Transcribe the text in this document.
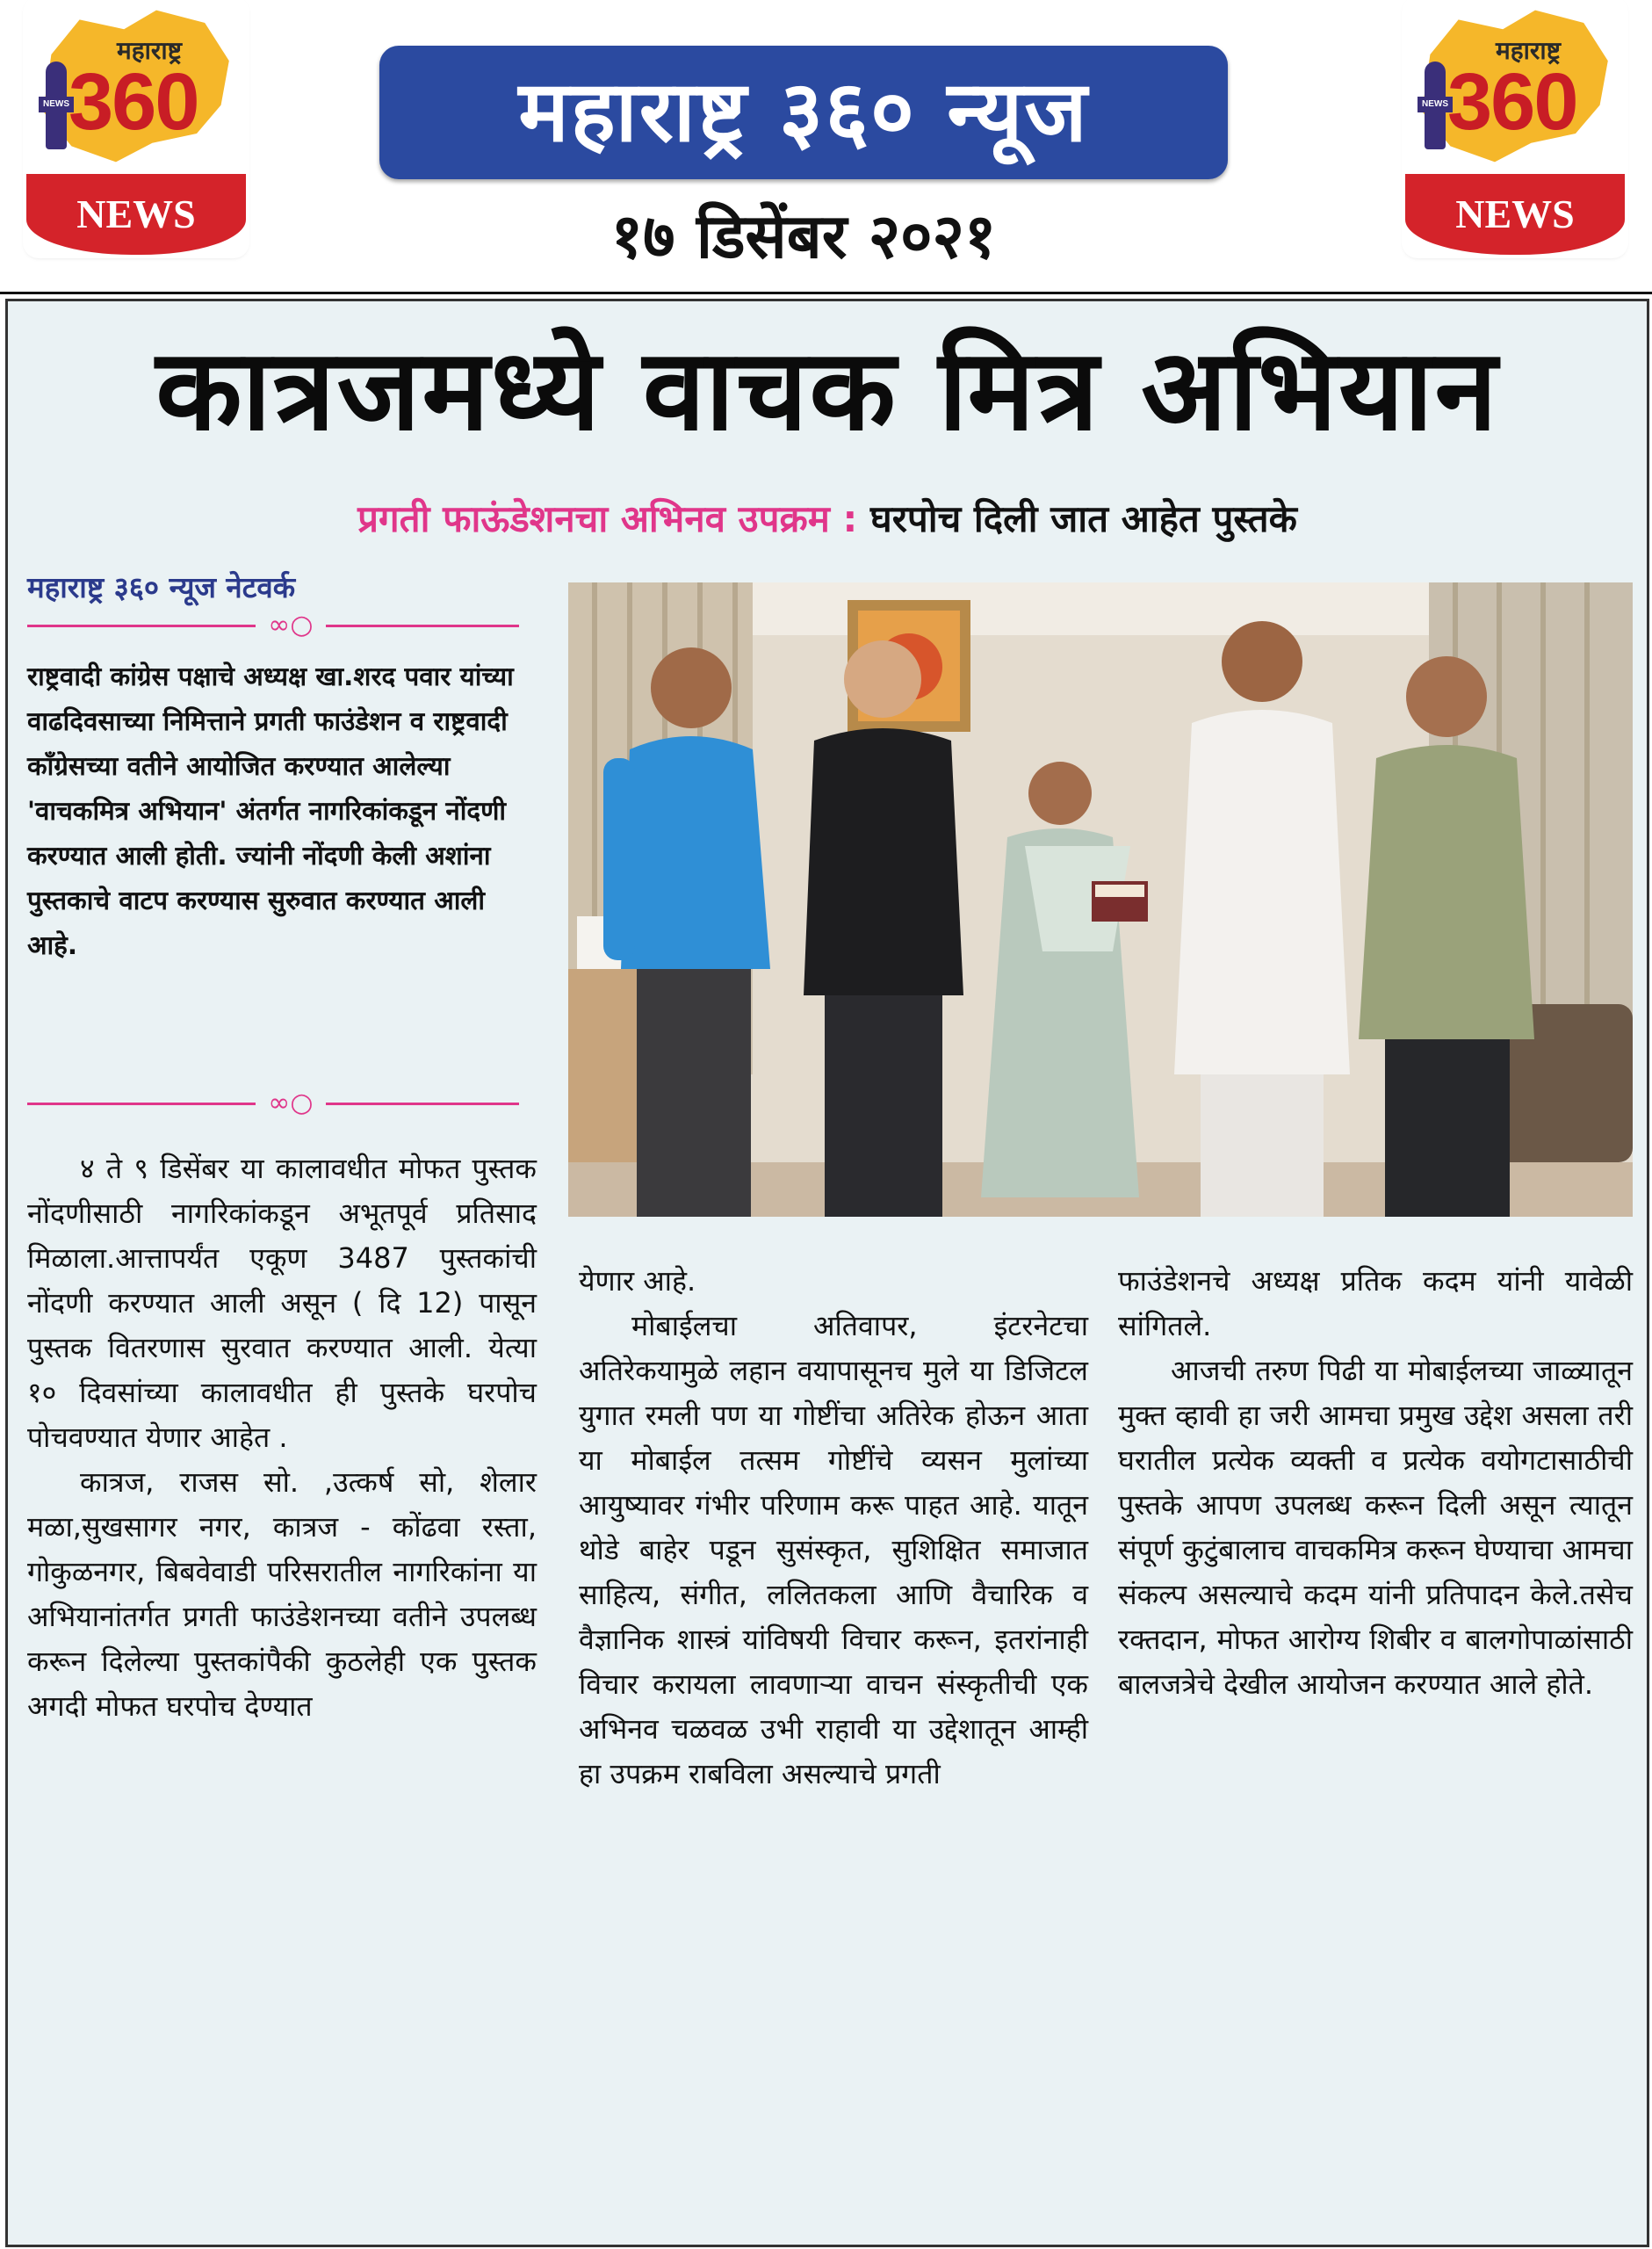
महाराष्ट्र
NEWS 360
NEWS
महाराष्ट्र ३६० न्यूज
१७ डिसेंबर २०२१
महाराष्ट्र
NEWS 360
NEWS
कात्रजमध्ये वाचक मित्र अभियान
प्रगती फाऊंडेशनचा अभिनव उपक्रम : घरपोच दिली जात आहेत पुस्तके
महाराष्ट्र ३६० न्यूज नेटवर्क
∞○
राष्ट्रवादी कांग्रेस पक्षाचे अध्यक्ष खा.शरद पवार यांच्या वाढदिवसाच्या निमित्ताने प्रगती फाउंडेशन व राष्ट्रवादी काँग्रेसच्या वतीने आयोजित करण्यात आलेल्या 'वाचकमित्र अभियान' अंतर्गत नागरिकांकडून नोंदणी करण्यात आली होती. ज्यांनी नोंदणी केली अशांना पुस्तकाचे वाटप करण्यास सुरुवात करण्यात आली आहे.
∞○

४ ते ९ डिसेंबर या कालावधीत मोफत पुस्तक नोंदणीसाठी नागरिकांकडून अभूतपूर्व प्रतिसाद मिळाला.आत्तापर्यंत एकूण 3487 पुस्तकांची नोंदणी करण्यात आली असून ( दि 12) पासून पुस्तक वितरणास सुरवात करण्यात आली. येत्या १० दिवसांच्या कालावधीत ही पुस्तके घरपोच पोचवण्यात येणार आहेत .

कात्रज, राजस सो. ,उत्कर्ष सो, शेलार मळा,सुखसागर नगर, कात्रज - कोंढवा रस्ता, गोकुळनगर, बिबवेवाडी परिसरातील नागरिकांना या अभियानांतर्गत प्रगती फाउंडेशनच्या वतीने उपलब्ध करून दिलेल्या पुस्तकांपैकी कुठलेही एक पुस्तक अगदी मोफत घरपोच देण्यात

येणार आहे.

मोबाईलचा अतिवापर, इंटरनेटचा अतिरेकयामुळे लहान वयापासूनच मुले या डिजिटल युगात रमली पण या गोष्टींचा अतिरेक होऊन आता या मोबाईल तत्सम गोष्टींचे व्यसन मुलांच्या आयुष्यावर गंभीर परिणाम करू पाहत आहे. यातून थोडे बाहेर पडून सुसंस्कृत, सुशिक्षित समाजात साहित्य, संगीत, ललितकला आणि वैचारिक व वैज्ञानिक शास्त्रं यांविषयी विचार करून, इतरांनाही विचार करायला लावणाऱ्या वाचन संस्कृतीची एक अभिनव चळवळ उभी राहावी या उद्देशातून आम्ही हा उपक्रम राबविला असल्याचे प्रगती

फाउंडेशनचे अध्यक्ष प्रतिक कदम यांनी यावेळी सांगितले.

आजची तरुण पिढी या मोबाईलच्या जाळ्यातून मुक्त व्हावी हा जरी आमचा प्रमुख उद्देश असला तरी घरातील प्रत्येक व्यक्ती व प्रत्येक वयोगटासाठीची पुस्तके आपण उपलब्ध करून दिली असून त्यातून संपूर्ण कुटुंबालाच वाचकमित्र करून घेण्याचा आमचा संकल्प असल्याचे कदम यांनी प्रतिपादन केले.तसेच रक्तदान, मोफत आरोग्य शिबीर व बालगोपाळांसाठी बालजत्रेचे देखील आयोजन करण्यात आले होते.
